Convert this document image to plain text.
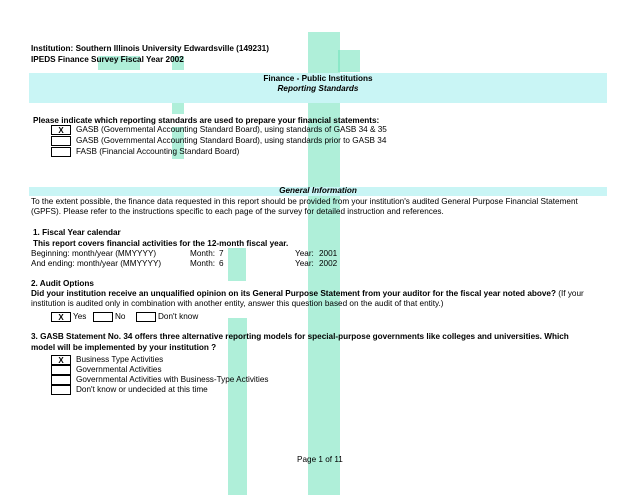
Institution: Southern Illinois University Edwardsville (149231)
IPEDS Finance Survey Fiscal Year 2002
Finance - Public Institutions
Reporting Standards
Please indicate which reporting standards are used to prepare your financial statements:
X	GASB (Governmental Accounting Standard Board), using standards of GASB 34 & 35
GASB (Governmental Accounting Standard Board), using standards prior to GASB 34
FASB (Financial Accounting Standard Board)
General Information
To the extent possible, the finance data requested in this report should be provided from your institution's audited General Purpose Financial Statement
(GPFS). Please refer to the instructions specific to each page of the survey for detailed instruction and references.
1. Fiscal Year calendar
This report covers financial activities for the 12-month fiscal year.
Beginning: month/year (MMYYYY)	Month: 7	Year: 2001
And ending: month/year (MMYYYY)	Month: 6	Year: 2002
2. Audit Options
Did your institution receive an unqualified opinion on its General Purpose Statement from your auditor for the fiscal year noted above? (If your
institution is audited only in combination with another entity, answer this question based on the audit of that entity.)
X	Yes	No	Don't know
3. GASB Statement No. 34 offers three alternative reporting models for special-purpose governments like colleges and universities. Which
model will be implemented by your institution ?
X	Business Type Activities
Governmental Activities
Governmental Activities with Business-Type Activities
Don't know or undecided at this time
Page 1 of 11
